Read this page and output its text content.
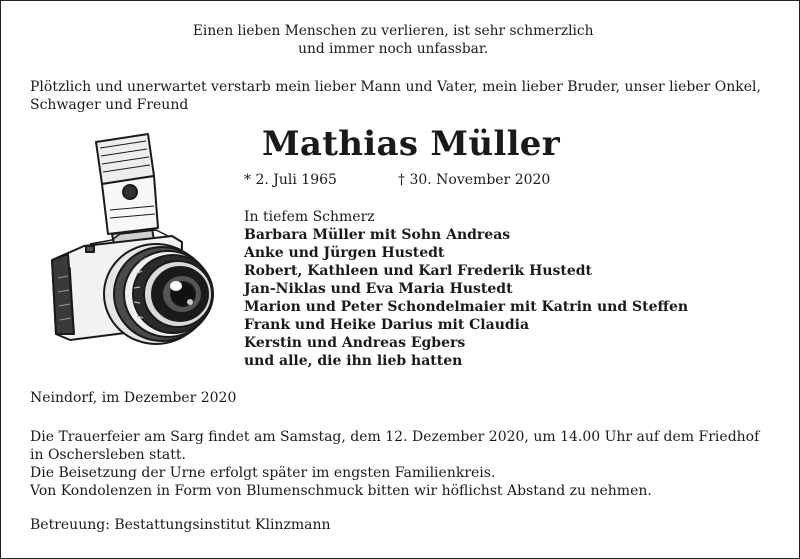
Einen lieben Menschen zu verlieren, ist sehr schmerzlich
und immer noch unfassbar.
Plötzlich und unerwartet verstarb mein lieber Mann und Vater, mein lieber Bruder, unser lieber Onkel,
Schwager und Freund
Mathias Müller
* 2. Juli 1965	† 30. November 2020
In tiefem Schmerz
Barbara Müller mit Sohn Andreas
Anke und Jürgen Hustedt
Robert, Kathleen und Karl Frederik Hustedt
Jan-Niklas und Eva Maria Hustedt
Marion und Peter Schondelmaier mit Katrin und Steffen
Frank und Heike Darius mit Claudia
Kerstin und Andreas Egbers
und alle, die ihn lieb hatten
Neindorf, im Dezember 2020
Die Trauerfeier am Sarg findet am Samstag, dem 12. Dezember 2020, um 14.00 Uhr auf dem Friedhof
in Oschersleben statt.
Die Beisetzung der Urne erfolgt später im engsten Familienkreis.
Von Kondolenzen in Form von Blumenschmuck bitten wir höflichst Abstand zu nehmen.
Betreuung: Bestattungsinstitut Klinzmann
